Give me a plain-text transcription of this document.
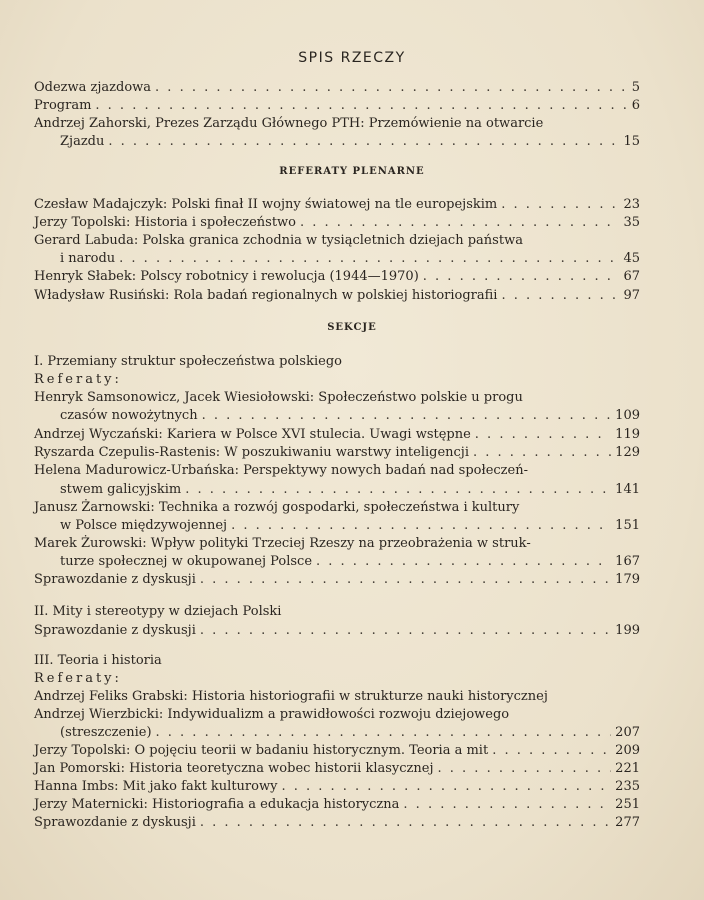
SPIS RZECZY
Odezwa zjazdowa . . .	5
Program . . .	6
Andrzej Zahorski, Prezes Zarządu Głównego PTH: Przemówienie na otwarcie
Zjazdu . . .	15
REFERATY PLENARNE
Czesław Madajczyk: Polski finał II wojny światowej na tle europejskim . . .	23
Jerzy Topolski: Historia i społeczeństwo . . .	35
Gerard Labuda: Polska granica zchodnia w tysiącletnich dziejach państwa
i narodu . . .	45
Henryk Słabek: Polscy robotnicy i rewolucja (1944—1970) . . .	67
Władysław Rusiński: Rola badań regionalnych w polskiej historiografii . . .	97
SEKCJE
I. Przemiany struktur społeczeństwa polskiego
Referaty:
Henryk Samsonowicz, Jacek Wiesiołowski: Społeczeństwo polskie u progu
czasów nowożytnych . . .	109
Andrzej Wyczański: Kariera w Polsce XVI stulecia. Uwagi wstępne . . .	119
Ryszarda Czepulis-Rastenis: W poszukiwaniu warstwy inteligencji . . .	129
Helena Madurowicz-Urbańska: Perspektywy nowych badań nad społeczeń-
stwem galicyjskim . . .	141
Janusz Żarnowski: Technika a rozwój gospodarki, społeczeństwa i kultury
w Polsce międzywojennej . . .	151
Marek Żurowski: Wpływ polityki Trzeciej Rzeszy na przeobrażenia w struk-
turze społecznej w okupowanej Polsce . . .	167
Sprawozdanie z dyskusji . . .	179
II. Mity i stereotypy w dziejach Polski
Sprawozdanie z dyskusji . . .	199
III. Teoria i historia
Referaty:
Andrzej Feliks Grabski: Historia historiografii w strukturze nauki historycznej
Andrzej Wierzbicki: Indywidualizm a prawidłowości rozwoju dziejowego
(streszczenie) . . .	207
Jerzy Topolski: O pojęciu teorii w badaniu historycznym. Teoria a mit . . .	209
Jan Pomorski: Historia teoretyczna wobec historii klasycznej . . .	221
Hanna Imbs: Mit jako fakt kulturowy . . .	235
Jerzy Maternicki: Historiografia a edukacja historyczna . . .	251
Sprawozdanie z dyskusji . . .	277
